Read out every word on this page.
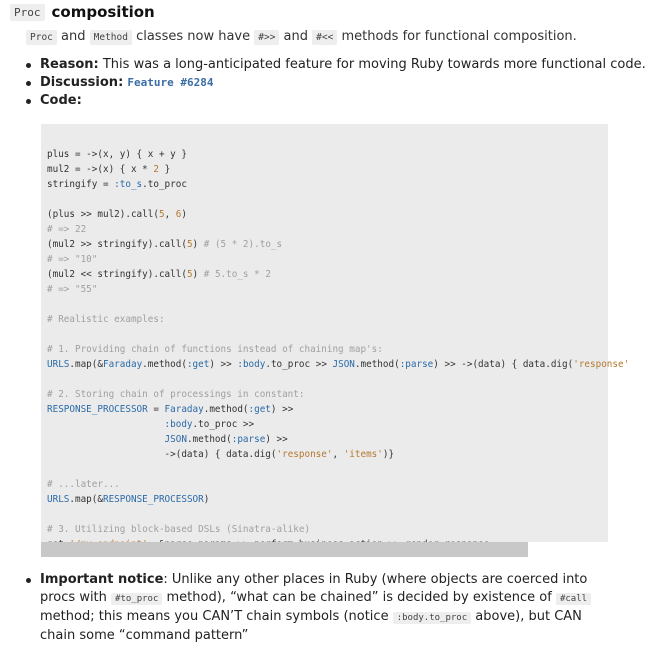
Proc composition
Proc and Method classes now have #>> and #<< methods for functional composition.
Reason: This was a long-anticipated feature for moving Ruby towards more functional code.
Discussion: Feature #6284
Code:

plus = ->(x, y) { x + y }
mul2 = ->(x) { x * 2 }
stringify = :to_s.to_proc

(plus >> mul2).call(5, 6)
# => 22
(mul2 >> stringify).call(5) # (5 * 2).to_s
# => "10"
(mul2 << stringify).call(5) # 5.to_s * 2
# => "55"

# Realistic examples:

# 1. Providing chain of functions instead of chaining map's:
URLS.map(&Faraday.method(:get) >> :body.to_proc >> JSON.method(:parse) >> ->(data) { data.dig('response'

# 2. Storing chain of processings in constant:
RESPONSE_PROCESSOR = Faraday.method(:get) >>
:body.to_proc >>
JSON.method(:parse) >>
->(data) { data.dig('response', 'items')}

# ...later...
URLS.map(&RESPONSE_PROCESSOR)

# 3. Utilizing block-based DSLs (Sinatra-alike)

Important notice: Unlike any other places in Ruby (where objects are coerced into procs with #to_proc method), “what can be chained” is decided by existence of #call method; this means you CAN’T chain symbols (notice :body.to_proc above), but CAN chain some “command pattern”
